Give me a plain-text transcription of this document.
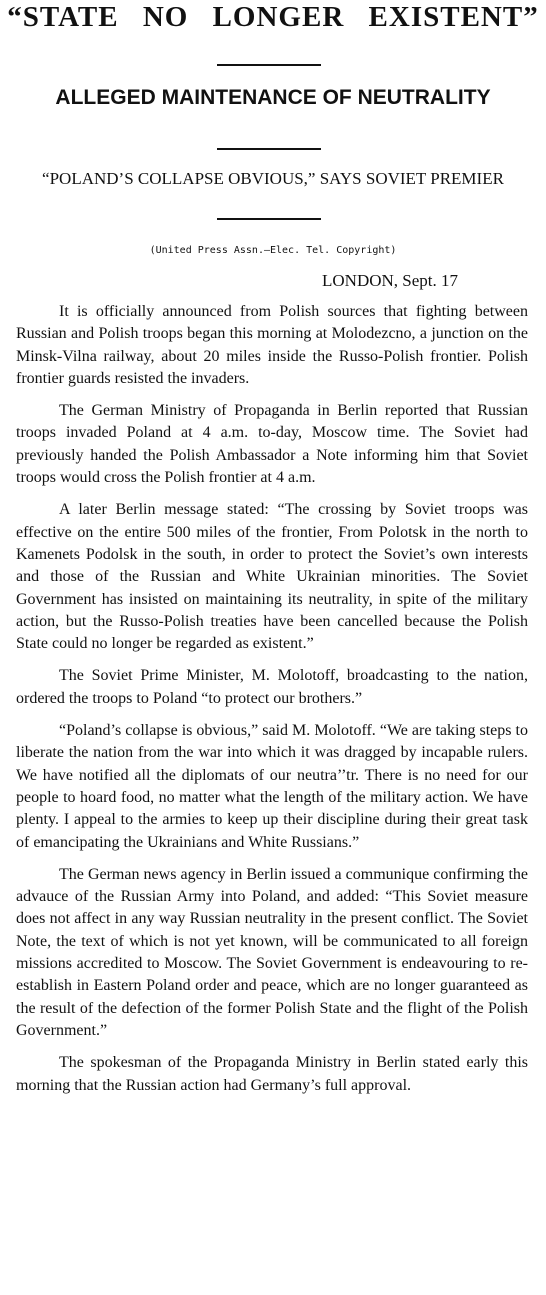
“STATE NO LONGER EXISTENT”
ALLEGED MAINTENANCE OF NEUTRALITY
“POLAND’S COLLAPSE OBVIOUS,” SAYS SOVIET PREMIER
(United Press Assn.—Elec. Tel. Copyright)
LONDON, Sept. 17

It is officially announced from Polish sources that fighting between Russian and Polish troops began this morning at Molodezcno, a junction on the Minsk-Vilna railway, about 20 miles inside the Russo-Polish frontier. Polish frontier guards resisted the invaders.

The German Ministry of Propaganda in Berlin reported that Russian troops invaded Poland at 4 a.m. to-day, Moscow time. The Soviet had previously handed the Polish Ambassador a Note informing him that Soviet troops would cross the Polish frontier at 4 a.m.

A later Berlin message stated: “The crossing by Soviet troops was effective on the entire 500 miles of the frontier, From Polotsk in the north to Kamenets Podolsk in the south, in order to protect the Soviet’s own interests and those of the Russian and White Ukrainian minorities. The Soviet Government has insisted on maintaining its neutrality, in spite of the military action, but the Russo-Polish treaties have been cancelled because the Polish State could no longer be regarded as existent.”

The Soviet Prime Minister, M. Molotoff, broadcasting to the nation, ordered the troops to Poland “to protect our brothers.”

“Poland’s collapse is obvious,” said M. Molotoff. “We are taking steps to liberate the nation from the war into which it was dragged by incapable rulers. We have notified all the diplomats of our neutra’’tr. There is no need for our people to hoard food, no matter what the length of the military action. We have plenty. I appeal to the armies to keep up their discipline during their great task of emancipating the Ukrainians and White Russians.”

The German news agency in Berlin issued a communique confirming the advauce of the Russian Army into Poland, and added: “This Soviet measure does not affect in any way Russian neutrality in the present conflict. The Soviet Note, the text of which is not yet known, will be communicated to all foreign missions accredited to Moscow. The Soviet Government is endeavouring to re-establish in Eastern Poland order and peace, which are no longer guaranteed as the result of the defection of the former Polish State and the flight of the Polish Government.”

The spokesman of the Propaganda Ministry in Berlin stated early this morning that the Russian action had Germany’s full approval.
